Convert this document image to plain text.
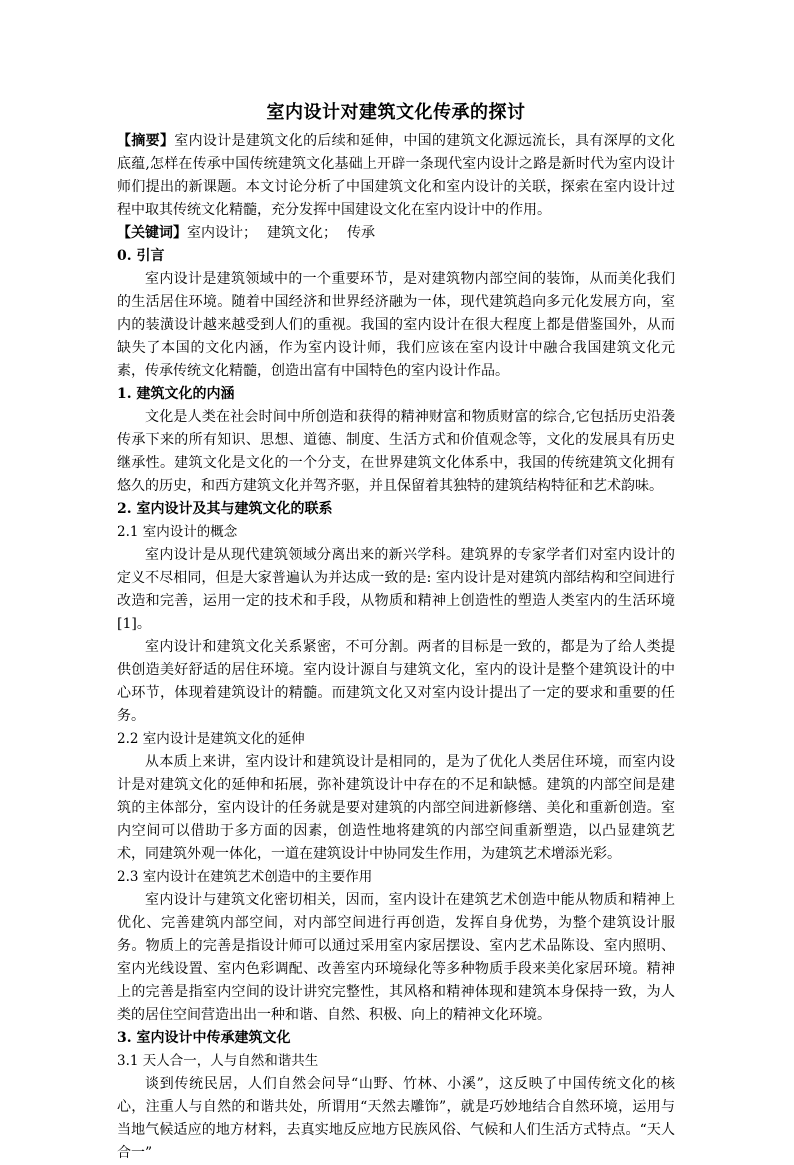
室内设计对建筑文化传承的探讨

【摘要】室内设计是建筑文化的后续和延伸，中国的建筑文化源远流长，具有深厚的文化底蕴,怎样在传承中国传统建筑文化基础上开辟一条现代室内设计之路是新时代为室内设计师们提出的新课题。本文讨论分析了中国建筑文化和室内设计的关联，探索在室内设计过程中取其传统文化精髓，充分发挥中国建设文化在室内设计中的作用。

【关键词】室内设计； 建筑文化； 传承

0. 引言

室内设计是建筑领域中的一个重要环节，是对建筑物内部空间的装饰，从而美化我们的生活居住环境。随着中国经济和世界经济融为一体，现代建筑趋向多元化发展方向，室内的装潢设计越来越受到人们的重视。我国的室内设计在很大程度上都是借鉴国外，从而缺失了本国的文化内涵，作为室内设计师，我们应该在室内设计中融合我国建筑文化元素，传承传统文化精髓，创造出富有中国特色的室内设计作品。

1. 建筑文化的内涵

文化是人类在社会时间中所创造和获得的精神财富和物质财富的综合,它包括历史沿袭传承下来的所有知识、思想、道德、制度、生活方式和价值观念等，文化的发展具有历史继承性。建筑文化是文化的一个分支，在世界建筑文化体系中，我国的传统建筑文化拥有悠久的历史，和西方建筑文化并驾齐驱，并且保留着其独特的建筑结构特征和艺术韵味。

2. 室内设计及其与建筑文化的联系
2.1 室内设计的概念

室内设计是从现代建筑领域分离出来的新兴学科。建筑界的专家学者们对室内设计的定义不尽相同，但是大家普遍认为并达成一致的是: 室内设计是对建筑内部结构和空间进行改造和完善，运用一定的技术和手段，从物质和精神上创造性的塑造人类室内的生活环境[1]。

室内设计和建筑文化关系紧密，不可分割。两者的目标是一致的，都是为了给人类提供创造美好舒适的居住环境。室内设计源自与建筑文化，室内的设计是整个建筑设计的中心环节，体现着建筑设计的精髓。而建筑文化又对室内设计提出了一定的要求和重要的任务。

2.2 室内设计是建筑文化的延伸

从本质上来讲，室内设计和建筑设计是相同的，是为了优化人类居住环境，而室内设计是对建筑文化的延伸和拓展，弥补建筑设计中存在的不足和缺憾。建筑的内部空间是建筑的主体部分，室内设计的任务就是要对建筑的内部空间进新修缮、美化和重新创造。室内空间可以借助于多方面的因素，创造性地将建筑的内部空间重新塑造，以凸显建筑艺术，同建筑外观一体化，一道在建筑设计中协同发生作用，为建筑艺术增添光彩。

2.3 室内设计在建筑艺术创造中的主要作用

室内设计与建筑文化密切相关，因而，室内设计在建筑艺术创造中能从物质和精神上优化、完善建筑内部空间，对内部空间进行再创造，发挥自身优势，为整个建筑设计服务。物质上的完善是指设计师可以通过采用室内家居摆设、室内艺术品陈设、室内照明、室内光线设置、室内色彩调配、改善室内环境绿化等多种物质手段来美化家居环境。精神上的完善是指室内空间的设计讲究完整性，其风格和精神体现和建筑本身保持一致，为人类的居住空间营造出出一种和谐、自然、积极、向上的精神文化环境。

3. 室内设计中传承建筑文化
3.1 天人合一，人与自然和谐共生

谈到传统民居，人们自然会问导“山野、竹林、小溪”，这反映了中国传统文化的核心，注重人与自然的和谐共处，所谓用“天然去雕饰”，就是巧妙地结合自然环境，运用与当地气候适应的地方材料，去真实地反应地方民族风俗、气候和人们生活方式特点。“天人合一”
